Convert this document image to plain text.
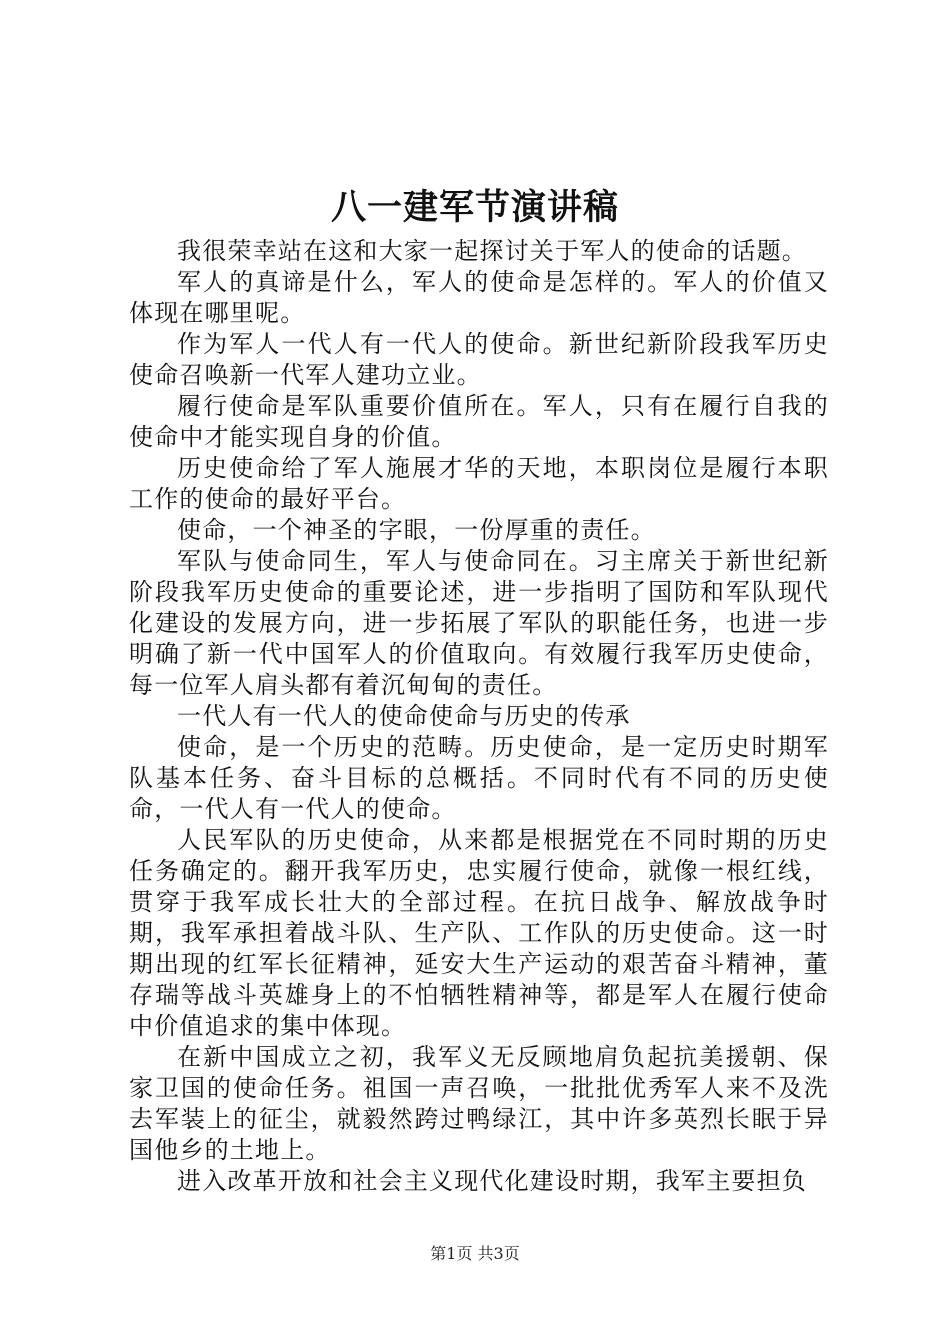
八一建军节演讲稿

我很荣幸站在这和大家一起探讨关于军人的使命的话题。

军人的真谛是什么，军人的使命是怎样的。军人的价值又体现在哪里呢。

作为军人一代人有一代人的使命。新世纪新阶段我军历史使命召唤新一代军人建功立业。

履行使命是军队重要价值所在。军人，只有在履行自我的使命中才能实现自身的价值。

历史使命给了军人施展才华的天地，本职岗位是履行本职工作的使命的最好平台。

使命，一个神圣的字眼，一份厚重的责任。

军队与使命同生，军人与使命同在。习主席关于新世纪新阶段我军历史使命的重要论述，进一步指明了国防和军队现代化建设的发展方向，进一步拓展了军队的职能任务，也进一步明确了新一代中国军人的价值取向。有效履行我军历史使命，每一位军人肩头都有着沉甸甸的责任。

一代人有一代人的使命使命与历史的传承

使命，是一个历史的范畴。历史使命，是一定历史时期军队基本任务、奋斗目标的总概括。不同时代有不同的历史使命，一代人有一代人的使命。

人民军队的历史使命，从来都是根据党在不同时期的历史任务确定的。翻开我军历史，忠实履行使命，就像一根红线，贯穿于我军成长壮大的全部过程。在抗日战争、解放战争时期，我军承担着战斗队、生产队、工作队的历史使命。这一时期出现的红军长征精神，延安大生产运动的艰苦奋斗精神，董存瑞等战斗英雄身上的不怕牺牲精神等，都是军人在履行使命中价值追求的集中体现。

在新中国成立之初，我军义无反顾地肩负起抗美援朝、保家卫国的使命任务。祖国一声召唤，一批批优秀军人来不及洗去军装上的征尘，就毅然跨过鸭绿江，其中许多英烈长眠于异国他乡的土地上。

进入改革开放和社会主义现代化建设时期，我军主要担负

第1页 共3页
